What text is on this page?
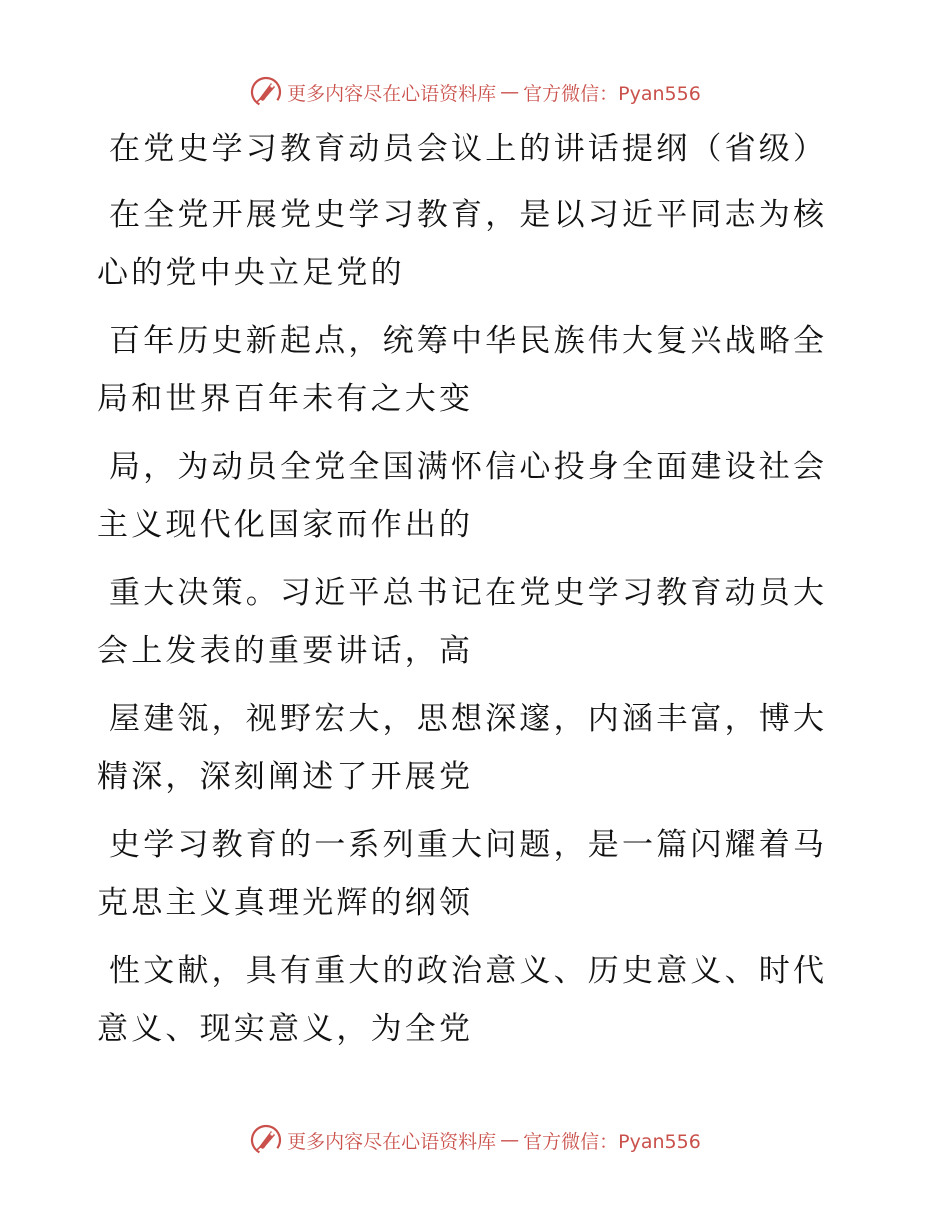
更多内容尽在心语资料库 — 官方微信：Pyan556
在党史学习教育动员会议上的讲话提纲（省级）
在全党开展党史学习教育，是以习近平同志为核
心的党中央立足党的
百年历史新起点，统筹中华民族伟大复兴战略全
局和世界百年未有之大变
局，为动员全党全国满怀信心投身全面建设社会
主义现代化国家而作出的
重大决策。习近平总书记在党史学习教育动员大
会上发表的重要讲话，高
屋建瓴，视野宏大，思想深邃，内涵丰富，博大
精深，深刻阐述了开展党
史学习教育的一系列重大问题，是一篇闪耀着马
克思主义真理光辉的纲领
性文献，具有重大的政治意义、历史意义、时代
意义、现实意义，为全党
更多内容尽在心语资料库 — 官方微信：Pyan556
